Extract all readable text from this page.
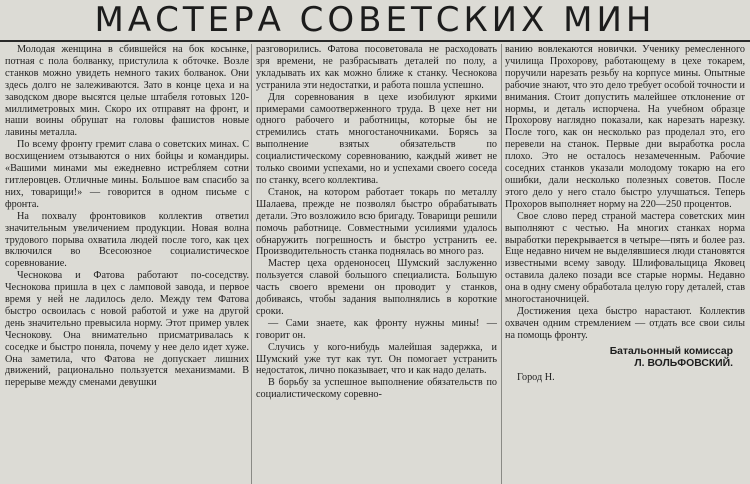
МАСТЕРА СОВЕТСКИХ МИН

Молодая женщина в сбившейся на бок косынке, потная с пола болванку, пристулила к обточке. Возле станков можно увидеть немного таких болванок. Они здесь долго не залеживаются. Зато в конце цеха и на заводском дворе высятся целые штабеля готовых 120-миллиметровых мин. Скоро их отправят на фронт, и наши воины обрушат на головы фашистов новые лавины металла.

По всему фронту гремит слава о советских минах. С восхищением отзываются о них бойцы и командиры. «Вашими минами мы ежедневно истребляем сотни гитлеровцев. Отличные мины. Большое вам спасибо за них, товарищи!» — говорится в одном письме с фронта.

На похвалу фронтовиков коллектив ответил значительным увеличением продукции. Новая волна трудового порыва охватила людей после того, как цех включился во Всесоюзное социалистическое соревнование.

Чеснокова и Фатова работают по-соседству. Чеснокова пришла в цех с ламповой завода, и первое время у ней не ладилось дело. Между тем Фатова быстро освоилась с новой работой и уже на другой день значительно превысила норму. Этот пример увлек Чеснокову. Она внимательно присматривалась к соседке и быстро поняла, почему у нее дело идет хуже. Она заметила, что Фатова не допускает лишних движений, рационально пользуется механизмами. В перерыве между сменами девушки

разговорились. Фатова посоветовала не расходовать зря времени, не разбрасывать деталей по полу, а укладывать их как можно ближе к станку. Чеснокова устранила эти недостатки, и работа пошла успешно.

Для соревнования в цехе изобилуют яркими примерами самоотверженного труда. В цехе нет ни одного рабочего и работницы, которые бы не стремились стать многостаночниками. Борясь за выполнение взятых обязательств по социалистическому соревнованию, каждый живет не только своими успехами, но и успехами своего соседа по станку, всего коллектива.

Станок, на котором работает токарь по металлу Шалаева, прежде не позволял быстро обрабатывать детали. Это возложило всю бригаду. Товарищи решили помочь работнице. Совместными усилиями удалось обнаружить погрешность и быстро устранить ее. Производительность станка поднялась во много раз.

Мастер цеха орденоносец Шумский заслуженно пользуется славой большого специалиста. Большую часть своего времени он проводит у станков, добиваясь, чтобы задания выполнялись в короткие сроки.

— Сами знаете, как фронту нужны мины! — говорит он.

Случись у кого-нибудь малейшая задержка, и Шумский уже тут как тут. Он помогает устранить недостаток, лично показывает, что и как надо делать.

В борьбу за успешное выполнение обязательств по социалистическому соревно-

ванию вовлекаются новички. Ученику ремесленного училища Прохорову, работающему в цехе токарем, поручили нарезать резьбу на корпусе мины. Опытные рабочие знают, что это дело требует особой точности и внимания. Стоит допустить малейшее отклонение от нормы, и деталь испорчена. На учебном образце Прохорову наглядно показали, как нарезать нарезку. После того, как он несколько раз проделал это, его перевели на станок. Первые дни выработка росла плохо. Это не осталось незамеченным. Рабочие соседних станков указали молодому токарю на его ошибки, дали несколько полезных советов. После этого дело у него стало быстро улучшаться. Теперь Прохоров выполняет норму на 220—250 процентов.

Свое слово перед страной мастера советских мин выполняют с честью. На многих станках норма выработки перекрывается в четыре—пять и более раз. Еще недавно ничем не выделявшиеся люди становятся известными всему заводу. Шлифовальщица Яковец оставила далеко позади все старые нормы. Недавно она в одну смену обработала целую гору деталей, став многостаночницей.

Достижения цеха быстро нарастают. Коллектив охвачен одним стремлением — отдать все свои силы на помощь фронту.

Батальонный комиссар
Л. ВОЛЬФОВСКИЙ.
Город Н.
